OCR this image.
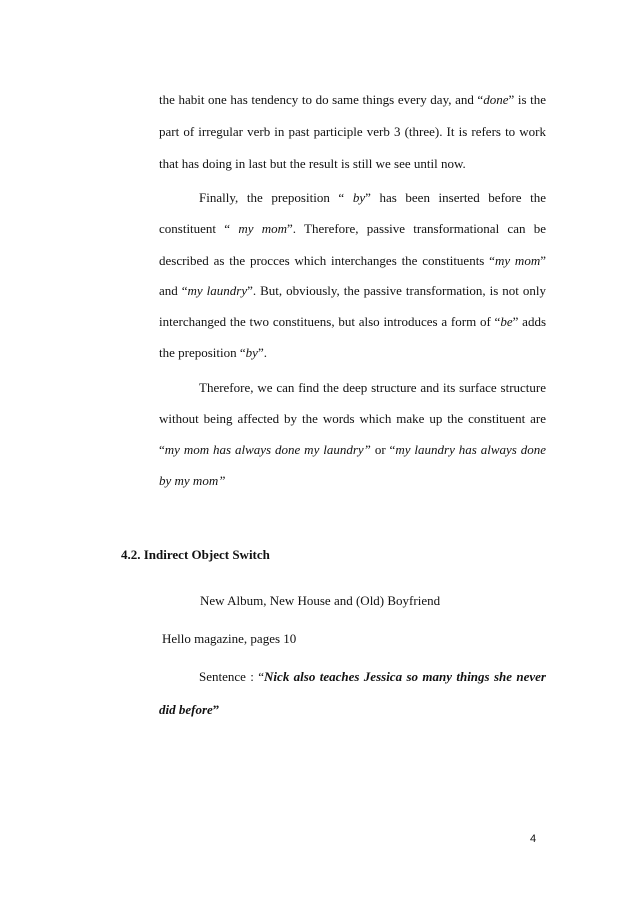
the habit one has tendency to do same things every day, and “done” is the
part of irregular verb in past participle verb 3 (three). It is refers to work
that has doing in last but the result is still we see until now.
Finally, the preposition “ by” has been inserted before the
constituent “ my mom”. Therefore, passive transformational can be
described as the procces which interchanges the constituents “my mom”
and “my laundry”. But, obviously, the passive transformation, is not only
interchanged the two constituens, but also introduces a form of “be” adds
the preposition “by”.
Therefore, we can find the deep structure and its surface structure
without being affected by the words which make up the constituent are
“my mom has always done my laundry” or “my laundry has always done
by my mom”
4.2. Indirect Object Switch
New Album, New House and (Old) Boyfriend
Hello magazine, pages 10
Sentence : “Nick also teaches Jessica so many things she never
did before”
4
